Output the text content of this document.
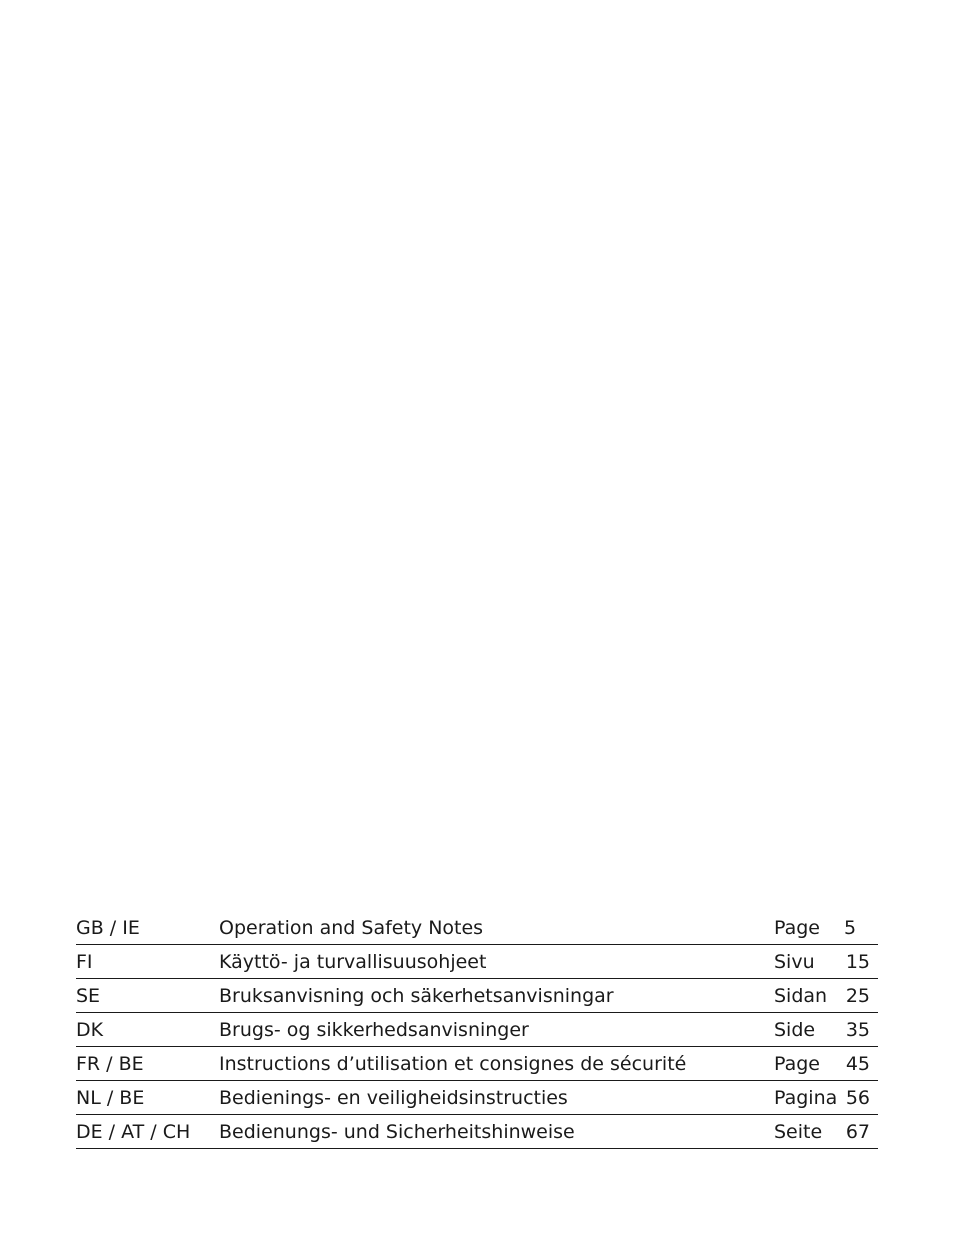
GB / IE	Operation and Safety Notes	Page	5
FI	Käyttö- ja turvallisuusohjeet	Sivu	15
SE	Bruksanvisning och säkerhetsanvisningar	Sidan	25
DK	Brugs- og sikkerhedsanvisninger	Side	35
FR / BE	Instructions d’utilisation et consignes de sécurité	Page	45
NL / BE	Bedienings- en veiligheidsinstructies	Pagina	56
DE / AT / CH	Bedienungs- und Sicherheitshinweise	Seite	67
